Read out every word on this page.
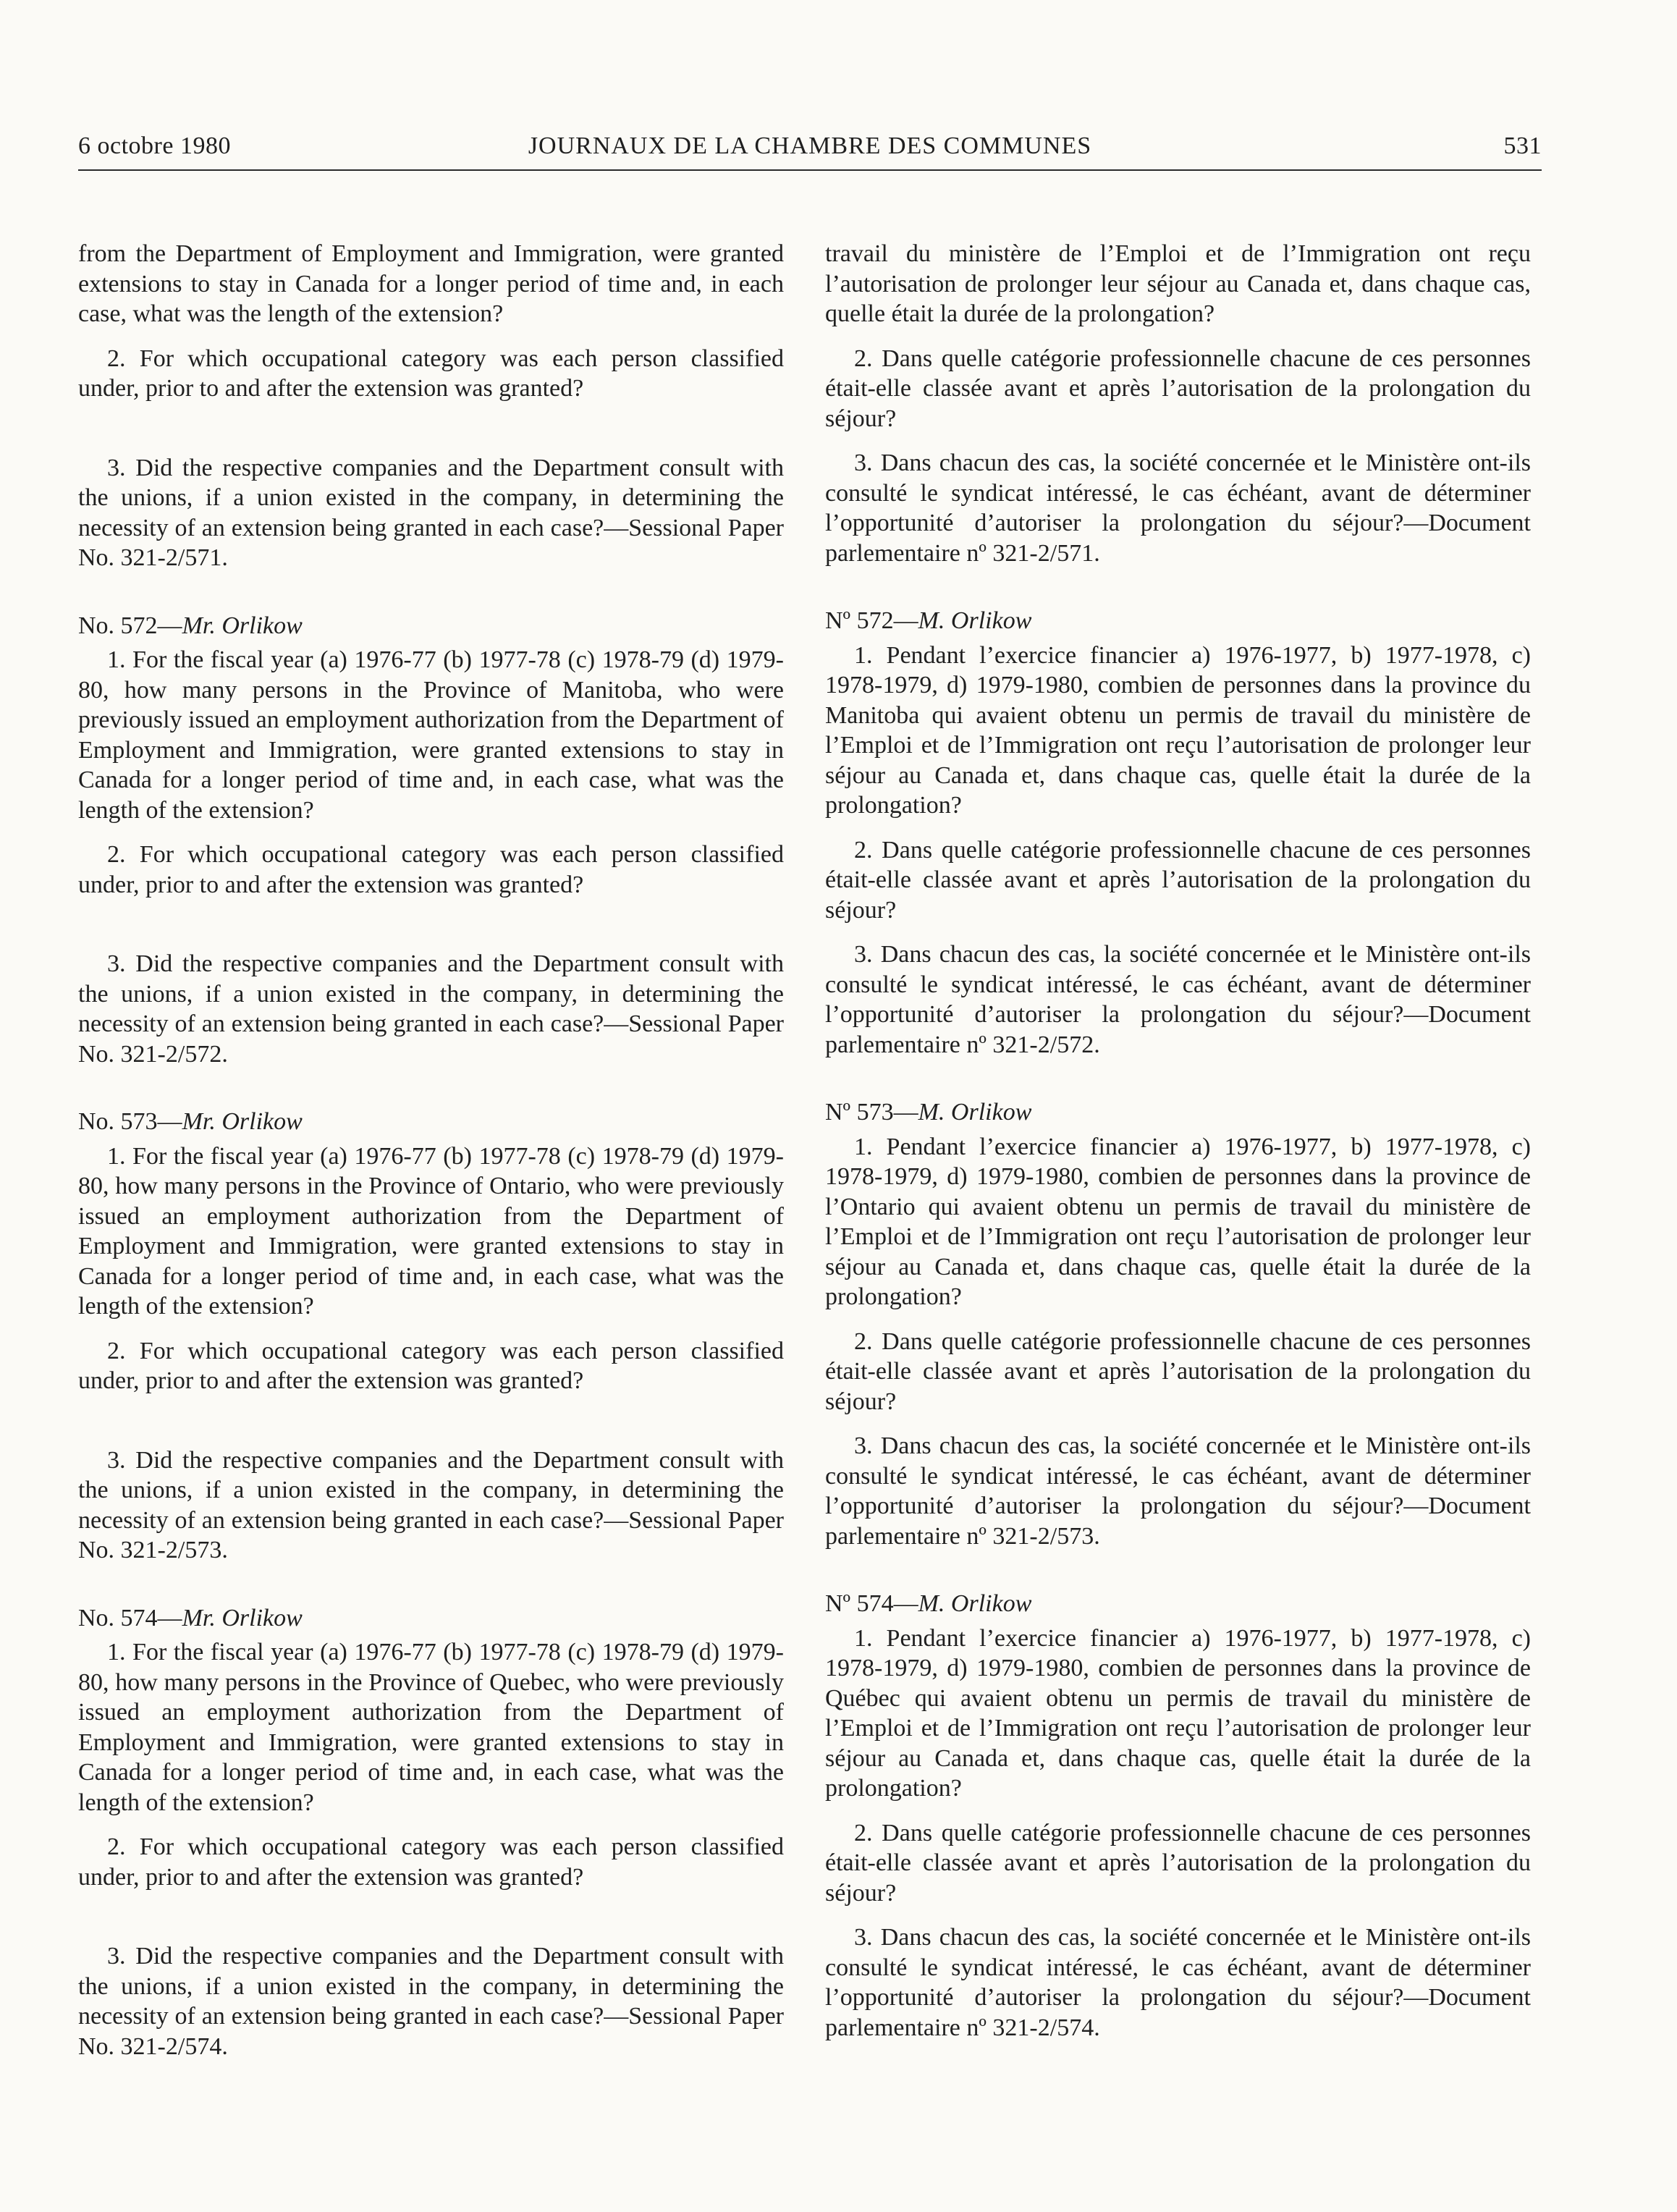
6 octobre 1980	JOURNAUX DE LA CHAMBRE DES COMMUNES	531

from the Department of Employment and Immigration, were granted extensions to stay in Canada for a longer period of time and, in each case, what was the length of the extension?

2. For which occupational category was each person classified under, prior to and after the extension was granted?

3. Did the respective companies and the Department consult with the unions, if a union existed in the company, in determining the necessity of an extension being granted in each case?—Sessional Paper No. 321-2/571.

No. 572—Mr. Orlikow

1. For the fiscal year (a) 1976-77 (b) 1977-78 (c) 1978-79 (d) 1979-80, how many persons in the Province of Manitoba, who were previously issued an employment authorization from the Department of Employment and Immigration, were granted extensions to stay in Canada for a longer period of time and, in each case, what was the length of the extension?

2. For which occupational category was each person classified under, prior to and after the extension was granted?

3. Did the respective companies and the Department consult with the unions, if a union existed in the company, in determining the necessity of an extension being granted in each case?—Sessional Paper No. 321-2/572.

No. 573—Mr. Orlikow

1. For the fiscal year (a) 1976-77 (b) 1977-78 (c) 1978-79 (d) 1979-80, how many persons in the Province of Ontario, who were previously issued an employment authorization from the Department of Employment and Immigration, were granted extensions to stay in Canada for a longer period of time and, in each case, what was the length of the extension?

2. For which occupational category was each person classified under, prior to and after the extension was granted?

3. Did the respective companies and the Department consult with the unions, if a union existed in the company, in determining the necessity of an extension being granted in each case?—Sessional Paper No. 321-2/573.

No. 574—Mr. Orlikow

1. For the fiscal year (a) 1976-77 (b) 1977-78 (c) 1978-79 (d) 1979-80, how many persons in the Province of Quebec, who were previously issued an employment authorization from the Department of Employment and Immigration, were granted extensions to stay in Canada for a longer period of time and, in each case, what was the length of the extension?

2. For which occupational category was each person classified under, prior to and after the extension was granted?

3. Did the respective companies and the Department consult with the unions, if a union existed in the company, in determining the necessity of an extension being granted in each case?—Sessional Paper No. 321-2/574.

travail du ministère de l’Emploi et de l’Immigration ont reçu l’autorisation de prolonger leur séjour au Canada et, dans chaque cas, quelle était la durée de la prolongation?

2. Dans quelle catégorie professionnelle chacune de ces personnes était-elle classée avant et après l’autorisation de la prolongation du séjour?

3. Dans chacun des cas, la société concernée et le Ministère ont-ils consulté le syndicat intéressé, le cas échéant, avant de déterminer l’opportunité d’autoriser la prolongation du séjour?—Document parlementaire nº 321-2/571.

Nº 572—M. Orlikow

1. Pendant l’exercice financier a) 1976-1977, b) 1977-1978, c) 1978-1979, d) 1979-1980, combien de personnes dans la province du Manitoba qui avaient obtenu un permis de travail du ministère de l’Emploi et de l’Immigration ont reçu l’autorisation de prolonger leur séjour au Canada et, dans chaque cas, quelle était la durée de la prolongation?

2. Dans quelle catégorie professionnelle chacune de ces personnes était-elle classée avant et après l’autorisation de la prolongation du séjour?

3. Dans chacun des cas, la société concernée et le Ministère ont-ils consulté le syndicat intéressé, le cas échéant, avant de déterminer l’opportunité d’autoriser la prolongation du séjour?—Document parlementaire nº 321-2/572.

Nº 573—M. Orlikow

1. Pendant l’exercice financier a) 1976-1977, b) 1977-1978, c) 1978-1979, d) 1979-1980, combien de personnes dans la province de l’Ontario qui avaient obtenu un permis de travail du ministère de l’Emploi et de l’Immigration ont reçu l’autorisation de prolonger leur séjour au Canada et, dans chaque cas, quelle était la durée de la prolongation?

2. Dans quelle catégorie professionnelle chacune de ces personnes était-elle classée avant et après l’autorisation de la prolongation du séjour?

3. Dans chacun des cas, la société concernée et le Ministère ont-ils consulté le syndicat intéressé, le cas échéant, avant de déterminer l’opportunité d’autoriser la prolongation du séjour?—Document parlementaire nº 321-2/573.

Nº 574—M. Orlikow

1. Pendant l’exercice financier a) 1976-1977, b) 1977-1978, c) 1978-1979, d) 1979-1980, combien de personnes dans la province de Québec qui avaient obtenu un permis de travail du ministère de l’Emploi et de l’Immigration ont reçu l’autorisation de prolonger leur séjour au Canada et, dans chaque cas, quelle était la durée de la prolongation?

2. Dans quelle catégorie professionnelle chacune de ces personnes était-elle classée avant et après l’autorisation de la prolongation du séjour?

3. Dans chacun des cas, la société concernée et le Ministère ont-ils consulté le syndicat intéressé, le cas échéant, avant de déterminer l’opportunité d’autoriser la prolongation du séjour?—Document parlementaire nº 321-2/574.
